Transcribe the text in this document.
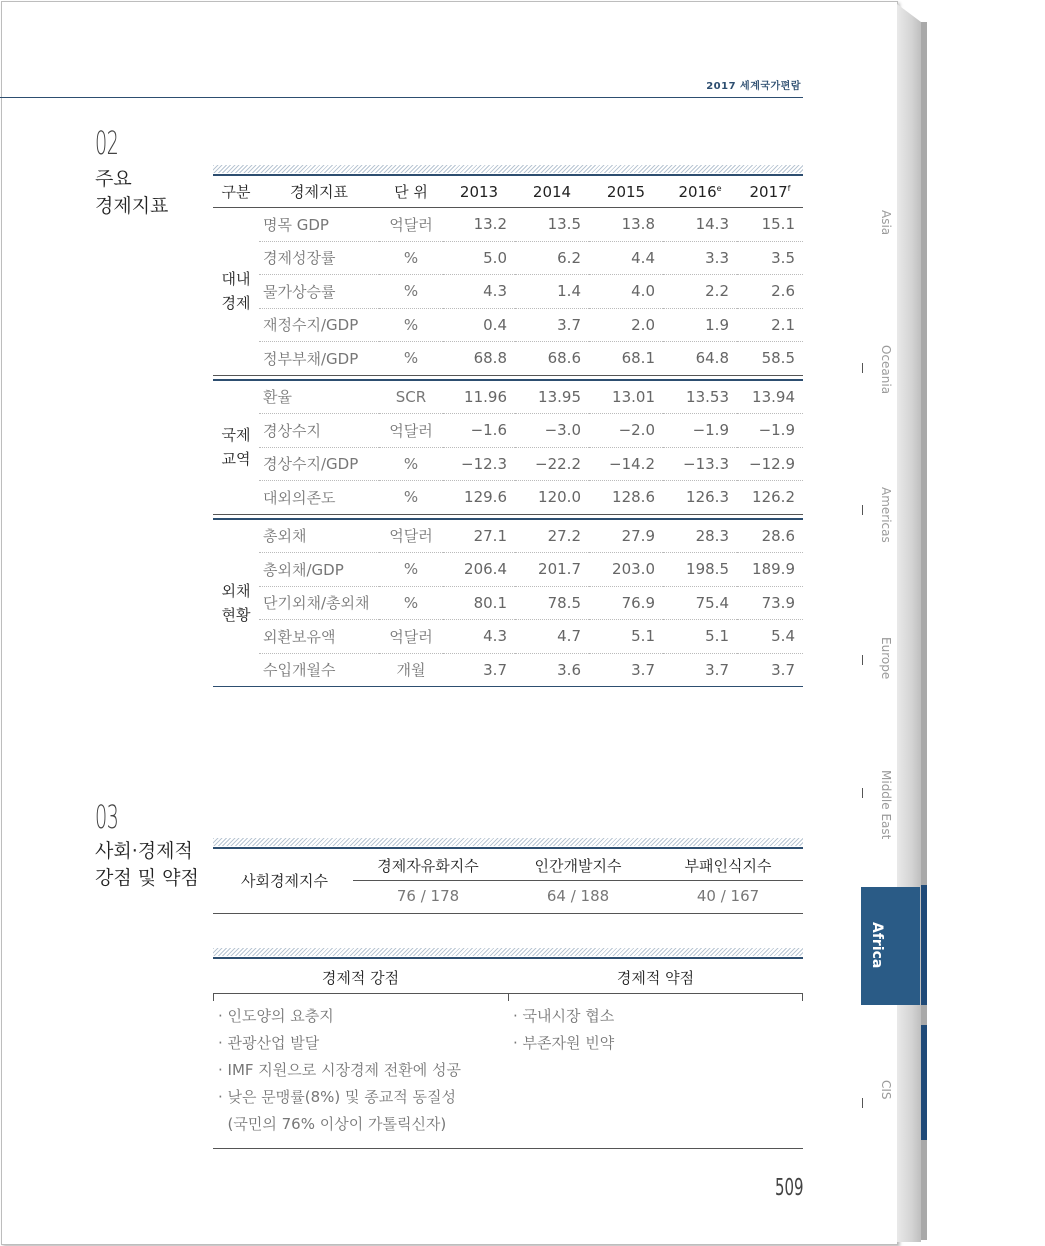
2017 세계국가편람
02
주요
경제지표
구분	경제지표	단 위	2013	2014	2015	2016e	2017$^f$

대내
경제	명목 GDP	억달러	13.2	13.5	13.8	14.3	15.1
	경제성장률	%	5.0	6.2	4.4	3.3	3.5
	물가상승률	%	4.3	1.4	4.0	2.2	2.6
	재정수지/GDP	%	0.4	3.7	2.0	1.9	2.1
	정부부채/GDP	%	68.8	68.6	68.1	64.8	58.5

국제
교역	환율	SCR	11.96	13.95	13.01	13.53	13.94
	경상수지	억달러	−1.6	−3.0	−2.0	−1.9	−1.9
	경상수지/GDP	%	−12.3	−22.2	−14.2	−13.3	−12.9
	대외의존도	%	129.6	120.0	128.6	126.3	126.2

외채
현황	총외채	억달러	27.1	27.2	27.9	28.3	28.6
	총외채/GDP	%	206.4	201.7	203.0	198.5	189.9
	단기외채/총외채	%	80.1	78.5	76.9	75.4	73.9
	외환보유액	억달러	4.3	4.7	5.1	5.1	5.4
	수입개월수	개월	3.7	3.6	3.7	3.7	3.7
03
사회·경제적
강점 및 약점	사회경제지수
경제자유화지수	인간개발지수	부패인식지수
76 / 178	64 / 188	40 / 167
경제적 강점	경제적 약점
· 인도양의 요충지
· 관광산업 발달
· IMF 지원으로 시장경제 전환에 성공
· 낮은 문맹률(8%) 및 종교적 동질성
(국민의 76% 이상이 가톨릭신자)
· 국내시장 협소
· 부존자원 빈약
Asia
Oceania
Americas
Europe
Middle East
CIS
Africa
509
